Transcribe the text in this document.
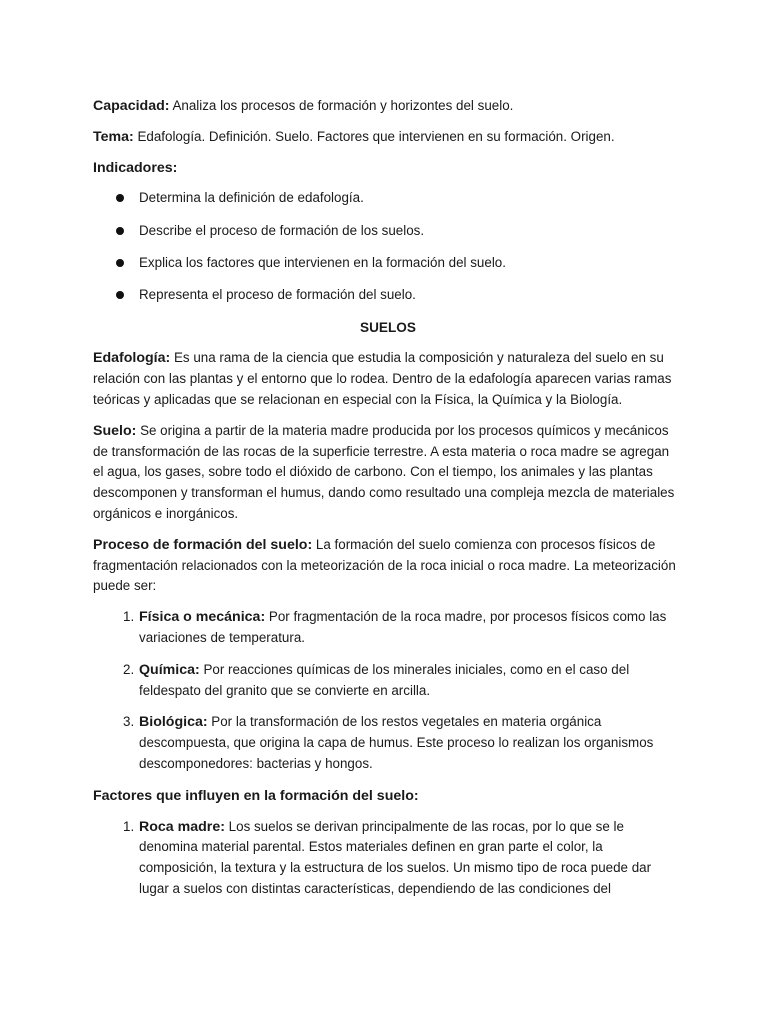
Capacidad: Analiza los procesos de formación y horizontes del suelo.

Tema: Edafología. Definición. Suelo. Factores que intervienen en su formación. Origen.

Indicadores:

Determina la definición de edafología.
Describe el proceso de formación de los suelos.
Explica los factores que intervienen en la formación del suelo.
Representa el proceso de formación del suelo.

SUELOS

Edafología: Es una rama de la ciencia que estudia la composición y naturaleza del suelo en su relación con las plantas y el entorno que lo rodea. Dentro de la edafología aparecen varias ramas teóricas y aplicadas que se relacionan en especial con la Física, la Química y la Biología.

Suelo: Se origina a partir de la materia madre producida por los procesos químicos y mecánicos de transformación de las rocas de la superficie terrestre. A esta materia o roca madre se agregan el agua, los gases, sobre todo el dióxido de carbono. Con el tiempo, los animales y las plantas descomponen y transforman el humus, dando como resultado una compleja mezcla de materiales orgánicos e inorgánicos.

Proceso de formación del suelo: La formación del suelo comienza con procesos físicos de fragmentación relacionados con la meteorización de la roca inicial o roca madre. La meteorización puede ser:

1. Física o mecánica: Por fragmentación de la roca madre, por procesos físicos como las variaciones de temperatura.
2. Química: Por reacciones químicas de los minerales iniciales, como en el caso del feldespato del granito que se convierte en arcilla.
3. Biológica: Por la transformación de los restos vegetales en materia orgánica descompuesta, que origina la capa de humus. Este proceso lo realizan los organismos descomponedores: bacterias y hongos.

Factores que influyen en la formación del suelo:

1. Roca madre: Los suelos se derivan principalmente de las rocas, por lo que se le denomina material parental. Estos materiales definen en gran parte el color, la composición, la textura y la estructura de los suelos. Un mismo tipo de roca puede dar lugar a suelos con distintas características, dependiendo de las condiciones del
